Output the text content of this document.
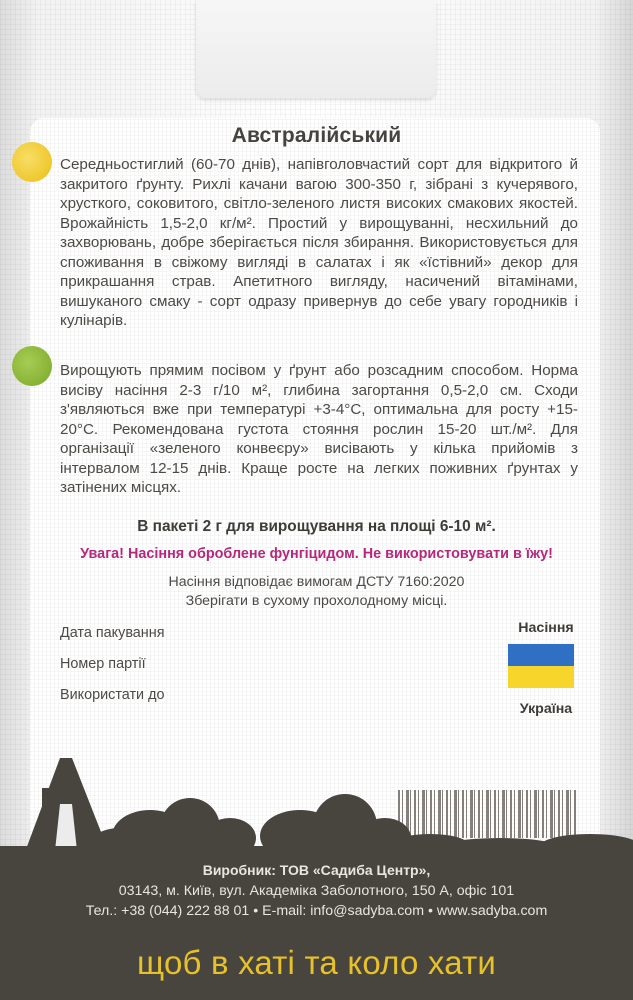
Австралійський

Середньостиглий (60-70 днів), напівголовчастий сорт для відкритого й закритого ґрунту. Рихлі качани вагою 300-350 г, зібрані з кучерявого, хрусткого, соковитого, світло-зеленого листя високих смакових якостей. Врожайність 1,5-2,0 кг/м². Простий у вирощуванні, несхильний до захворювань, добре зберігається після збирання. Використовується для споживання в свіжому вигляді в салатах і як «їстівний» декор для прикрашання страв. Апетитного вигляду, насичений вітамінами, вишуканого смаку - сорт одразу привернув до себе увагу городників і кулінарів.

Вирощують прямим посівом у ґрунт або розсадним способом. Норма висіву насіння 2-3 г/10 м², глибина загортання 0,5-2,0 см. Сходи з'являються вже при температурі +3-4°С, оптимальна для росту +15-20°С. Рекомендована густота стояння рослин 15-20 шт./м². Для організації «зеленого конвеєру» висівають у кілька прийомів з інтервалом 12-15 днів. Краще росте на легких поживних ґрунтах у затінених місцях.

В пакеті 2 г для вирощування на площі 6-10 м².
Увага! Насіння оброблене фунгіцидом. Не використовувати в їжу!
Насіння відповідає вимогам ДСТУ 7160:2020
Зберігати в сухому прохолодному місці.
Дата пакування
Номер партії
Використати до
Насіння
Україна
Виробник: ТОВ «Садиба Центр»,
03143, м. Київ, вул. Академіка Заболотного, 150 А, офіс 101
Тел.: +38 (044) 222 88 01 • E-mail: info@sadyba.com • www.sadyba.com
щоб в хаті та коло хати
